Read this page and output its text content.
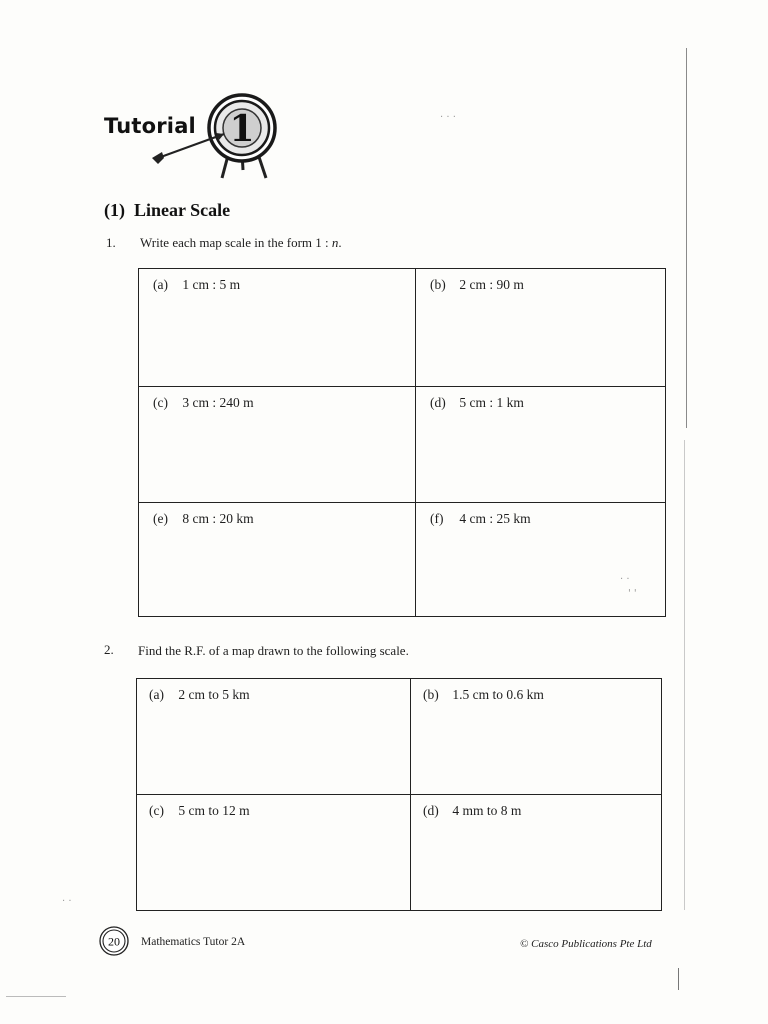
· · ·
· ·
' '
· ·
Tutorial 1
(1) Linear Scale
1. Write each map scale in the form 1 : n.
(a) 1 cm : 5 m	(b) 2 cm : 90 m
(c) 3 cm : 240 m	(d) 5 cm : 1 km
(e) 8 cm : 20 km	(f) 4 cm : 25 km
2. Find the R.F. of a map drawn to the following scale.
(a) 2 cm to 5 km	(b) 1.5 cm to 0.6 km
(c) 5 cm to 12 m	(d) 4 mm to 8 m
20 Mathematics Tutor 2A	© Casco Publications Pte Ltd
